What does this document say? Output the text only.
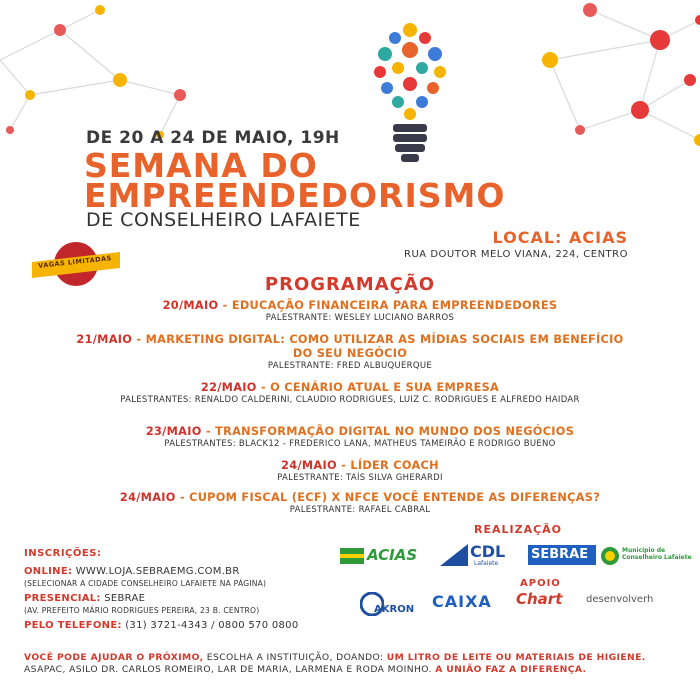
DE 20 A 24 DE MAIO, 19H
SEMANA DO
EMPREENDEDORISMO
DE CONSELHEIRO LAFAIETE
LOCAL: ACIAS
RUA DOUTOR MELO VIANA, 224, CENTRO
VAGAS LIMITADAS
PROGRAMAÇÃO
20/MAIO - EDUCAÇÃO FINANCEIRA PARA EMPREENDEDORES
PALESTRANTE: WESLEY LUCIANO BARROS
21/MAIO - MARKETING DIGITAL: COMO UTILIZAR AS MÍDIAS SOCIAIS EM BENEFÍCIO DO SEU NEGÓCIO
PALESTRANTE: FRED ALBUQUERQUE
22/MAIO - O CENÁRIO ATUAL E SUA EMPRESA
PALESTRANTES: RENALDO CALDERINI, CLAUDIO RODRIGUES, LUIZ C. RODRIGUES E ALFREDO HAIDAR
23/MAIO - TRANSFORMAÇÃO DIGITAL NO MUNDO DOS NEGÓCIOS
PALESTRANTES: BLACK12 - FREDERICO LANA, MATHEUS TAMEIRÃO E RODRIGO BUENO
24/MAIO - LÍDER COACH
PALESTRANTE: TAÍS SILVA GHERARDI
24/MAIO - CUPOM FISCAL (ECF) X NFCE VOCÊ ENTENDE AS DIFERENÇAS?
PALESTRANTE: RAFAEL CABRAL
REALIZAÇÃO
ACIAS	CDL
Lafaiete
SEBRAE	Município de Conselheiro Lafaiete
APOIO
AKRON CAIXA Chart desenvolverh
INSCRIÇÕES:
ONLINE: WWW.LOJA.SEBRAEMG.COM.BR
(SELECIONAR A CIDADE CONSELHEIRO LAFAIETE NA PÁGINA)
PRESENCIAL: SEBRAE
(AV. PREFEITO MÁRIO RODRIGUES PEREIRA, 23 B. CENTRO)
PELO TELEFONE: (31) 3721-4343 / 0800 570 0800
VOCÊ PODE AJUDAR O PRÓXIMO, ESCOLHA A INSTITUIÇÃO, DOANDO: UM LITRO DE LEITE OU MATERIAIS DE HIGIENE. ASAPAC, ASILO DR. CARLOS ROMEIRO, LAR DE MARIA, LARMENA E RODA MOINHO. A UNIÃO FAZ A DIFERENÇA.
